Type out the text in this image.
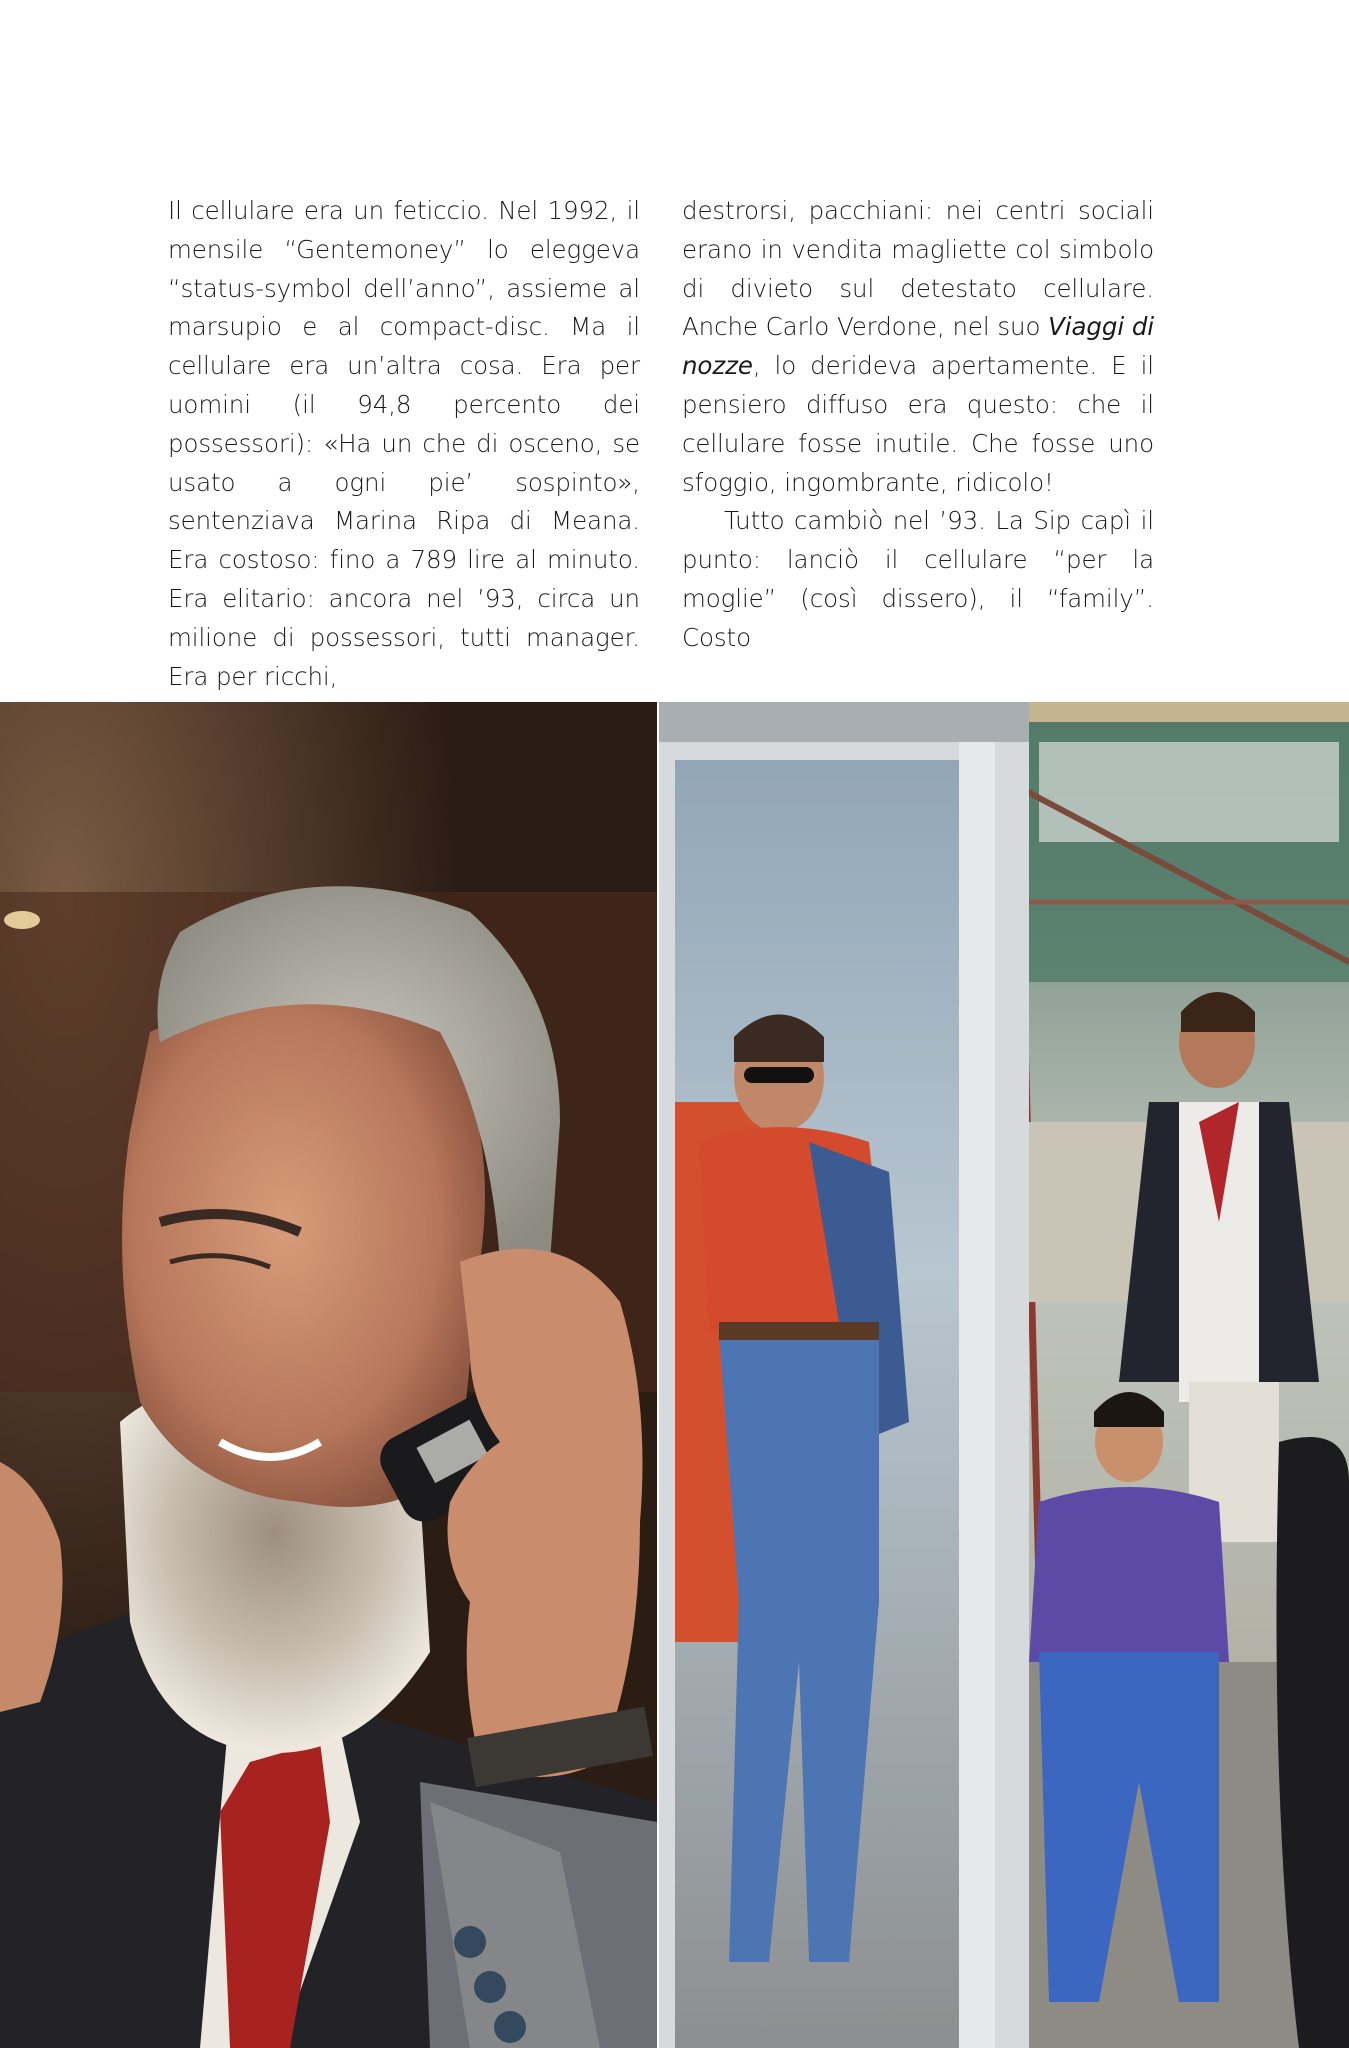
Il cellulare era un feticcio. Nel 1992, il mensile “Gentemoney” lo eleggeva “status-symbol dell’anno”, assieme al marsupio e al compact-disc. Ma il cellulare era un’altra cosa. Era per uomini (il 94,8 percento dei possessori): «Ha un che di osceno, se usato a ogni pie’ sospinto», sentenziava Marina Ripa di Meana. Era costoso: fino a 789 lire al minuto. Era elitario: ancora nel ’93, circa un milione di possessori, tutti manager. Era per ricchi,

destrorsi, pacchiani: nei centri sociali erano in vendita magliette col simbolo di divieto sul detestato cellulare. Anche Carlo Verdone, nel suo Viaggi di nozze, lo derideva apertamente. E il pensiero diffuso era questo: che il cellulare fosse inutile. Che fosse uno sfoggio, ingombrante, ridicolo!

Tutto cambiò nel ’93. La Sip capì il punto: lanciò il cellulare “per la moglie” (così dissero), il “family”. Costo
